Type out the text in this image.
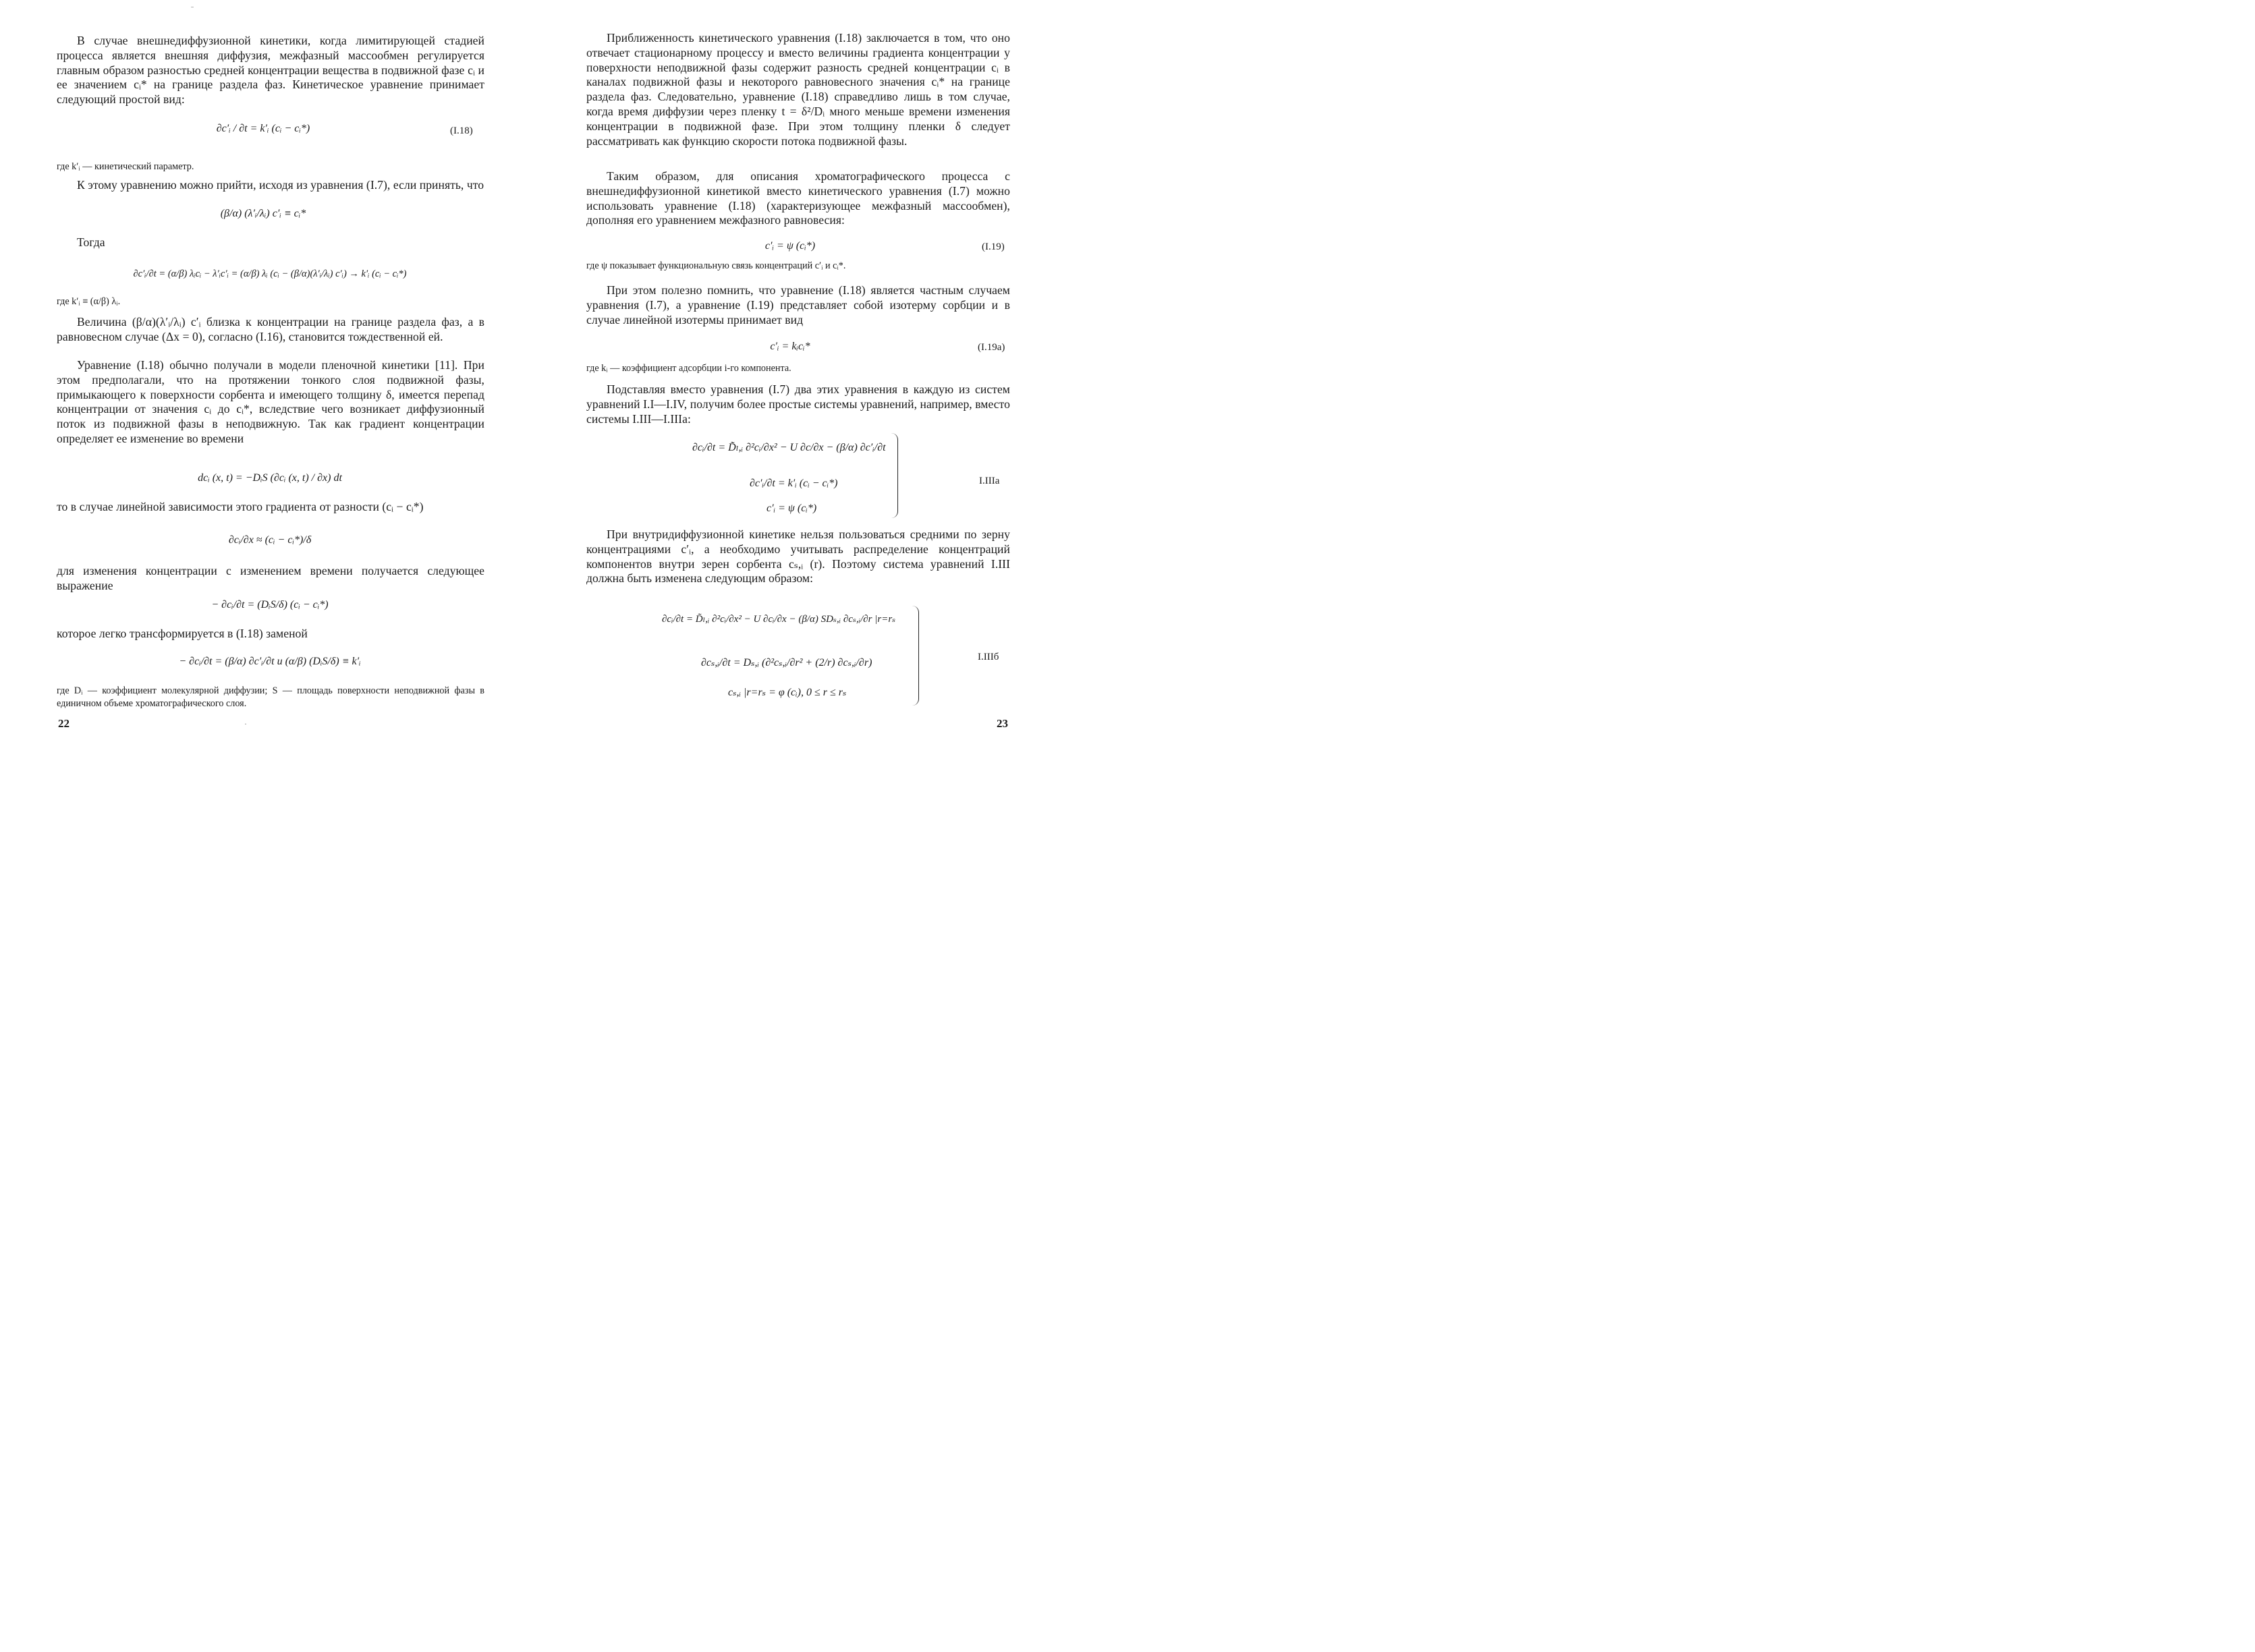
ˉ

В случае внешнедиффузионной кинетики, когда лимитирующей стадией процесса является внешняя диффузия, межфазный массообмен регулируется главным образом разностью средней концентрации вещества в подвижной фазе cᵢ и ее значением cᵢ* на границе раздела фаз. Кинетическое уравнение принимает следующий простой вид:

∂c′ᵢ / ∂t = k′ᵢ (cᵢ − cᵢ*)	(I.18)

где k′ᵢ — кинетический параметр.

К этому уравнению можно прийти, исходя из уравнения (I.7), если принять, что

(β/α) (λ′ᵢ/λᵢ) c′ᵢ ≡ cᵢ*

Тогда

∂c′ᵢ/∂t = (α/β) λᵢcᵢ − λ′ᵢc′ᵢ = (α/β) λᵢ (cᵢ − (β/α)(λ′ᵢ/λᵢ) c′ᵢ) → k′ᵢ (cᵢ − cᵢ*)

где k′ᵢ ≡ (α/β) λᵢ.

Величина (β/α)(λ′ᵢ/λᵢ) c′ᵢ близка к концентрации на границе раздела фаз, а в равновесном случае (Δx = 0), согласно (I.16), становится тождественной ей.

Уравнение (I.18) обычно получали в модели пленочной кинетики [11]. При этом предполагали, что на протяжении тонкого слоя подвижной фазы, примыкающего к поверхности сорбента и имеющего толщину δ, имеется перепад концентрации от значения cᵢ до cᵢ*, вследствие чего возникает диффузионный поток из подвижной фазы в неподвижную. Так как градиент концентрации определяет ее изменение во времени

dcᵢ (x, t) = −DᵢS (∂cᵢ (x, t) / ∂x) dt

то в случае линейной зависимости этого градиента от разности (cᵢ − cᵢ*)

∂cᵢ/∂x ≈ (cᵢ − cᵢ*)/δ

для изменения концентрации с изменением времени получается следующее выражение

− ∂cᵢ/∂t = (DᵢS/δ) (cᵢ − cᵢ*)

которое легко трансформируется в (I.18) заменой

− ∂cᵢ/∂t = (β/α) ∂c′ᵢ/∂t и (α/β) (DᵢS/δ) ≡ k′ᵢ

где Dᵢ — коэффициент молекулярной диффузии; S — площадь поверхности неподвижной фазы в единичном объеме хроматографического слоя.

22	·

Приближенность кинетического уравнения (I.18) заключается в том, что оно отвечает стационарному процессу и вместо величины градиента концентрации у поверхности неподвижной фазы содержит разность средней концентрации cᵢ в каналах подвижной фазы и некоторого равновесного значения cᵢ* на границе раздела фаз. Следовательно, уравнение (I.18) справедливо лишь в том случае, когда время диффузии через пленку t = δ²/Dᵢ много меньше времени изменения концентрации в подвижной фазе. При этом толщину пленки δ следует рассматривать как функцию скорости потока подвижной фазы.

Таким образом, для описания хроматографического процесса с внешнедиффузионной кинетикой вместо кинетического уравнения (I.7) можно использовать уравнение (I.18) (характеризующее межфазный массообмен), дополняя его уравнением межфазного равновесия:

c′ᵢ = ψ (cᵢ*)	(I.19)

где ψ показывает функциональную связь концентраций c′ᵢ и cᵢ*.

При этом полезно помнить, что уравнение (I.18) является частным случаем уравнения (I.7), а уравнение (I.19) представляет собой изотерму сорбции и в случае линейной изотермы принимает вид

c′ᵢ = kᵢcᵢ*	(I.19a)

где kᵢ — коэффициент адсорбции i-го компонента.

Подставляя вместо уравнения (I.7) два этих уравнения в каждую из систем уравнений I.I—I.IV, получим более простые системы уравнений, например, вместо системы I.III—I.IIIa:

∂cᵢ/∂t = D̃ₗ,ᵢ ∂²cᵢ/∂x² − U ∂c/∂x − (β/α) ∂c′ᵢ/∂t
∂c′ᵢ/∂t = k′ᵢ (cᵢ − cᵢ*)
c′ᵢ = ψ (cᵢ*)
I.IIIa

При внутридиффузионной кинетике нельзя пользоваться средними по зерну концентрациями c′ᵢ, а необходимо учитывать распределение концентраций компонентов внутри зерен сорбента cₛ,ᵢ (r). Поэтому система уравнений I.III должна быть изменена следующим образом:

∂cᵢ/∂t = D̃ₗ,ᵢ ∂²cᵢ/∂x² − U ∂cᵢ/∂x − (β/α) SDₛ,ᵢ ∂cₛ,ᵢ/∂r |r=rₛ
∂cₛ,ᵢ/∂t = Dₛ,ᵢ (∂²cₛ,ᵢ/∂r² + (2/r) ∂cₛ,ᵢ/∂r)
cₛ,ᵢ |r=rₛ = φ (cᵢ), 0 ≤ r ≤ rₛ
I.IIIб
23
